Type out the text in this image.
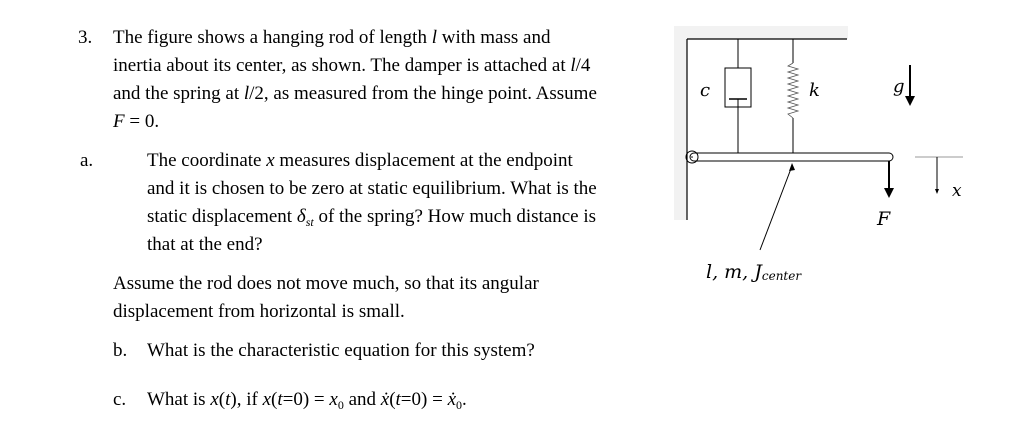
3. The figure shows a hanging rod of length l with mass and
inertia about its center, as shown. The damper is attached at l/4
and the spring at l/2, as measured from the hinge point. Assume
F = 0.
a.	The coordinate x measures displacement at the endpoint
and it is chosen to be zero at static equilibrium. What is the
static displacement $\delta_{st}$ of the spring? How much distance is
that at the end?
Assume the rod does not move much, so that its angular
displacement from horizontal is small.
b. What is the characteristic equation for this system?
c. What is x(t), if $x(t=0) = x_0$ and ẋ(t=0) = ẋ$_0$.
c	k	g
F
x
l, m, Jcenter
